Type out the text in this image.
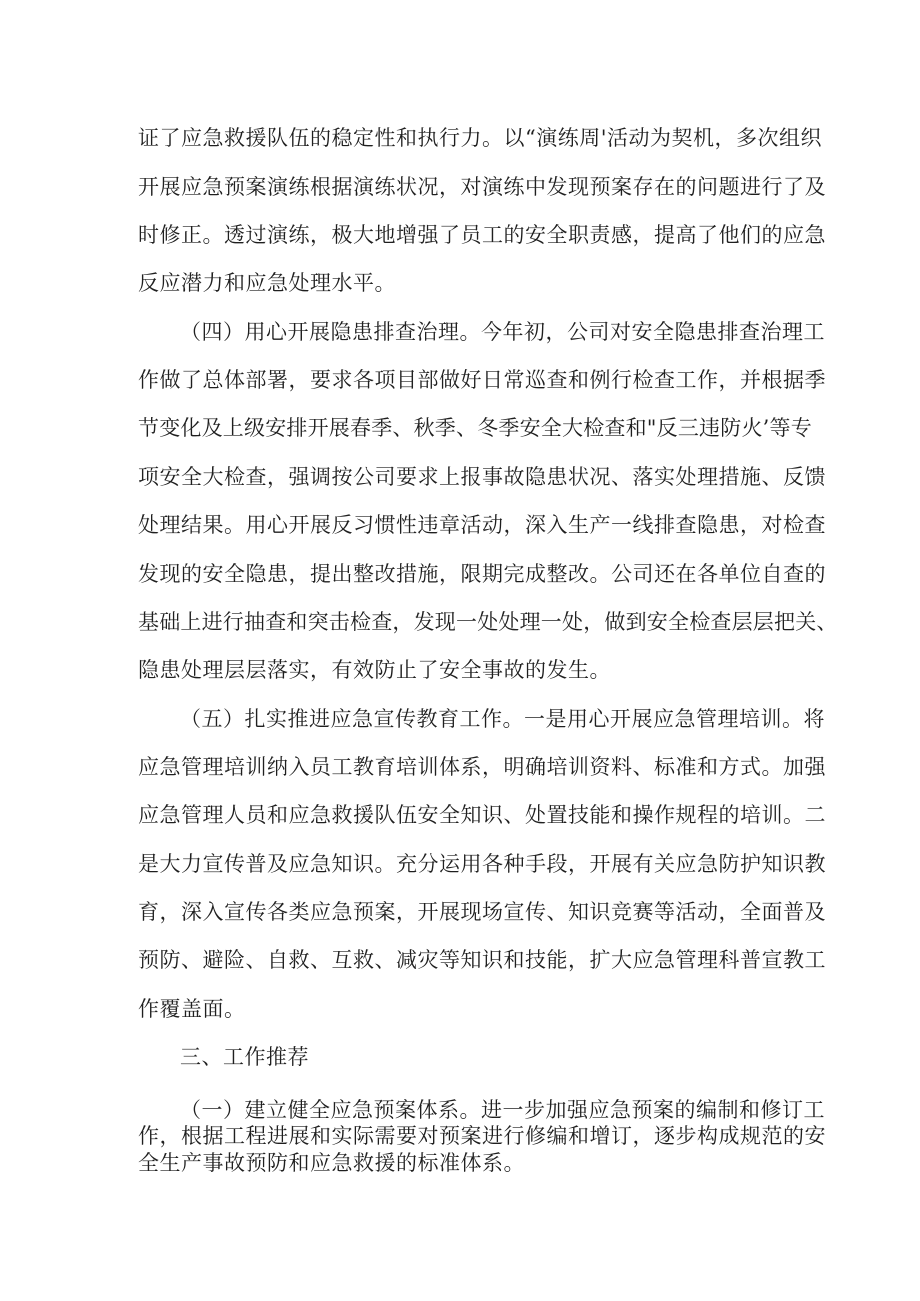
证了应急救援队伍的稳定性和执行力。以“演练周'活动为契机，多次组织
开展应急预案演练根据演练状况，对演练中发现预案存在的问题进行了及
时修正。透过演练，极大地增强了员工的安全职责感，提高了他们的应急
反应潜力和应急处理水平。
（四）用心开展隐患排查治理。今年初，公司对安全隐患排查治理工
作做了总体部署，要求各项目部做好日常巡查和例行检查工作，并根据季
节变化及上级安排开展春季、秋季、冬季安全大检查和"反三违防火’等专
项安全大检查，强调按公司要求上报事故隐患状况、落实处理措施、反馈
处理结果。用心开展反习惯性违章活动，深入生产一线排查隐患，对检查
发现的安全隐患，提出整改措施，限期完成整改。公司还在各单位自查的
基础上进行抽查和突击检查，发现一处处理一处，做到安全检查层层把关、
隐患处理层层落实，有效防止了安全事故的发生。
（五）扎实推进应急宣传教育工作。一是用心开展应急管理培训。将
应急管理培训纳入员工教育培训体系，明确培训资料、标准和方式。加强
应急管理人员和应急救援队伍安全知识、处置技能和操作规程的培训。二
是大力宣传普及应急知识。充分运用各种手段，开展有关应急防护知识教
育，深入宣传各类应急预案，开展现场宣传、知识竞赛等活动，全面普及
预防、避险、自救、互救、减灾等知识和技能，扩大应急管理科普宣教工
作覆盖面。
三、工作推荐
（一）建立健全应急预案体系。进一步加强应急预案的编制和修订工
作，根据工程进展和实际需要对预案进行修编和增订，逐步构成规范的安
全生产事故预防和应急救援的标准体系。
